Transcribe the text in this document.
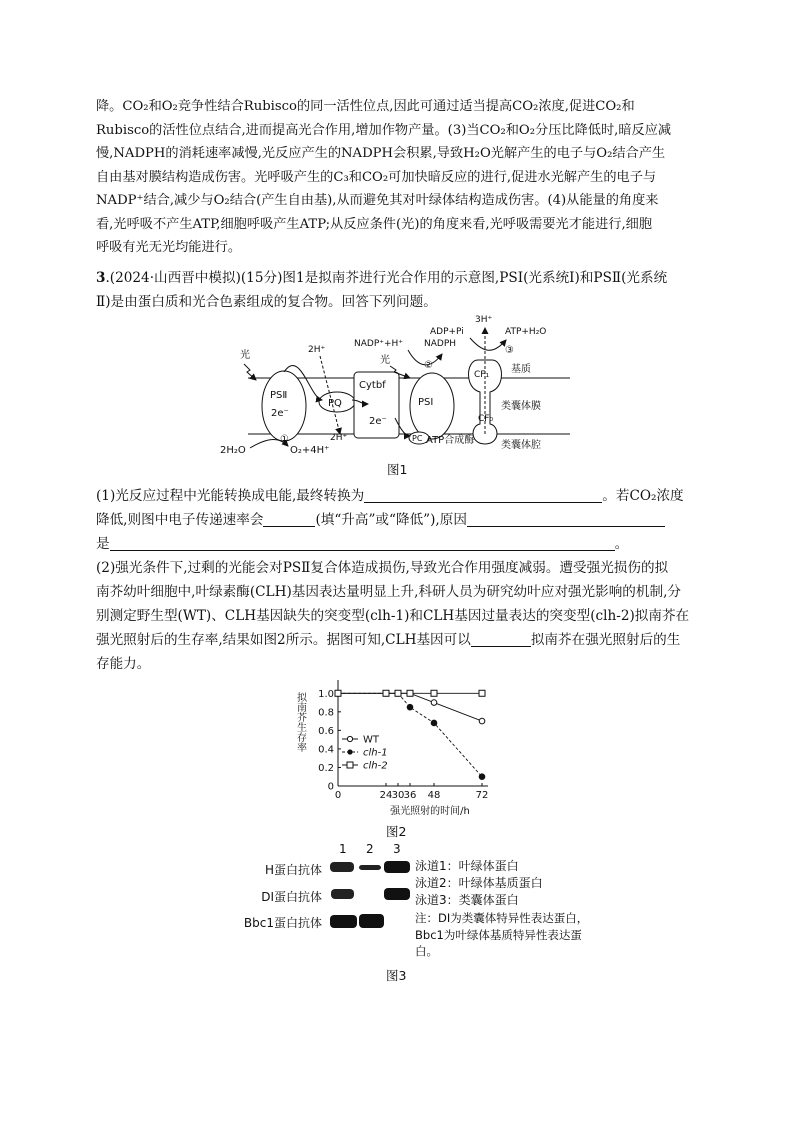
降。CO₂和O₂竞争性结合Rubisco的同一活性位点,因此可通过适当提高CO₂浓度,促进CO₂和

Rubisco的活性位点结合,进而提高光合作用,增加作物产量。(3)当CO₂和O₂分压比降低时,暗反应减

慢,NADPH的消耗速率减慢,光反应产生的NADPH会积累,导致H₂O光解产生的电子与O₂结合产生

自由基对膜结构造成伤害。光呼吸产生的C₃和CO₂可加快暗反应的进行,促进水光解产生的电子与

NADP⁺结合,减少与O₂结合(产生自由基),从而避免其对叶绿体结构造成伤害。(4)从能量的角度来

看,光呼吸不产生ATP,细胞呼吸产生ATP;从反应条件(光)的角度来看,光呼吸需要光才能进行,细胞

呼吸有光无光均能进行。

3.(2024·山西晋中模拟)(15分)图1是拟南芥进行光合作用的示意图,PSⅠ(光系统Ⅰ)和PSⅡ(光系统

Ⅱ)是由蛋白质和光合色素组成的复合物。回答下列问题。

PSⅡ
2e⁻
PQ
Cytbf
2e⁻
PSⅠ
PC
CF₁
CF₀
基质
类囊体膜
类囊体腔
ATP合成酶
光	光
2H₂O	O₂+4H⁺
①
2H⁺
2H⁺
NADP⁺+H⁺
②
ADP+Pi
NADPH
3H⁺
ATP+H₂O
③
图1

(1)光反应过程中光能转换成电能,最终转换为	。若CO₂浓度

降低,则图中电子传递速率会	(填“升高”或“降低”),原因

是	。

(2)强光条件下,过剩的光能会对PSⅡ复合体造成损伤,导致光合作用强度减弱。遭受强光损伤的拟

南芥幼叶细胞中,叶绿素酶(CLH)基因表达量明显上升,科研人员为研究幼叶应对强光影响的机制,分

别测定野生型(WT)、CLH基因缺失的突变型(clh-1)和CLH基因过量表达的突变型(clh-2)拟南芥在

强光照射后的生存率,结果如图2所示。据图可知,CLH基因可以	拟南芥在强光照射后的生

存能力。

拟南芥生存率
0
0.2
0.4
0.6
0.8
1.0
0	24 30 36 48	72
强光照射的时间/h
WT
clh-1
clh-2
图2
1 2 3
H蛋白抗体
DI蛋白抗体
Bbc1蛋白抗体
泳道1：叶绿体蛋白
泳道2：叶绿体基质蛋白
泳道3：类囊体蛋白
注：DI为类囊体特异性表达蛋白，Bbc1为叶绿体基质特异性表达蛋白。
图3
